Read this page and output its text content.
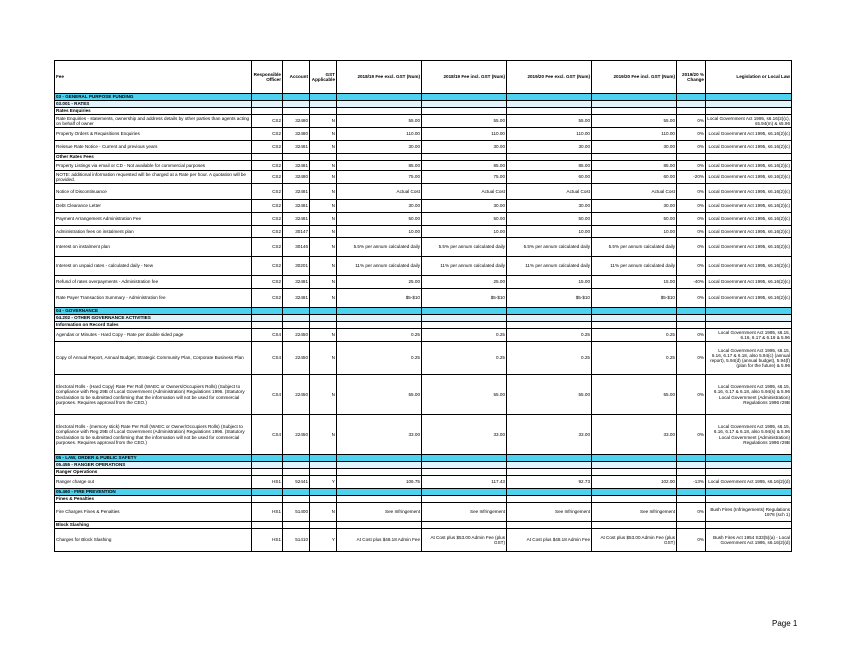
Fee	Responsible Officer	Account	GST Applicable	2018/19 Fee excl. GST (Num)	2018/19 Fee incl. GST (Num)	2019/20 Fee excl. GST (Num)	2019/20 Fee incl. GST (Num)	2019/20 % Change	Legislation or Local Law
03 - GENERAL PURPOSE FUNDING									
03.001 - RATES									
Rates Enquiries									
Rate Enquiries - statements, ownership and address details by other parties than agents acting on behalf of owner	CS2	32480	N	55.00	55.00	55.00	55.00	0%	Local Government Act 1995, s6.16(2)(c), s5.94(m) & s5.96
Property Orders & Requisitions Enquiries	CS2	32480	N	110.00	110.00	110.00	110.00	0%	Local Government Act 1995, s6.16(2)(c)
Reissue Rate Notice - Current and previous years	CS2	32481	N	30.00	30.00	30.00	30.00	0%	Local Government Act 1995, s6.16(2)(c)
Other Rates Fees									
Property Listings via email or CD - Not available for commercial purposes	CS2	32481	N	85.00	85.00	85.00	85.00	0%	Local Government Act 1995, s6.16(2)(c)
NOTE: additional information requested will be charged at a Rate per hour. A quotation will be provided.	CS2	32480	N	75.00	75.00	60.00	60.00	-20%	Local Government Act 1995, s6.16(2)(c)
Notice of Discontinuance	CS2	32481	N	Actual Cost	Actual Cost	Actual Cost	Actual Cost	0%	Local Government Act 1995, s6.16(2)(c)
Debt Clearance Letter	CS2	32481	N	30.00	30.00	30.00	30.00	0%	Local Government Act 1995, s6.16(2)(c)
Payment Arrangement Administration Fee	CS2	32481	N	50.00	50.00	50.00	50.00	0%	Local Government Act 1995, s6.16(2)(c)
Administration fees on instalment plan	CS2	30147	N	10.00	10.00	10.00	10.00	0%	Local Government Act 1995, s6.16(2)(c)
Interest on instalment plan	CS2	30146	N	5.5% per annum calculated daily	5.5% per annum calculated daily	5.5% per annum calculated daily	5.5% per annum calculated daily	0%	Local Government Act 1995, s6.16(2)(c)
Interest on unpaid rates - calculated daily - New	CS2	30201	N	11% per annum calculated daily	11% per annum calculated daily	11% per annum calculated daily	11% per annum calculated daily	0%	Local Government Act 1995, s6.16(2)(c)
Refund of rates overpayments - Administration fee	CS2	32481	N	25.00	25.00	15.00	15.00	-40%	Local Government Act 1995, s6.16(2)(c)
Rate Payer Transaction Summary - Administration fee	CS2	32481	N	$5-$10	$5-$10	$5-$10	$5-$10	0%	Local Government Act 1995, s6.16(2)(c)
04 - GOVERNANCE									
04.202 - OTHER GOVERNANCE ACTIVITIES									
Information on Record Sales									
Agendas or Minutes - Hard Copy - Rate per double sided page	CS4	22450	N	0.25	0.25	0.25	0.25	0%	Local Government Act 1995, s6.15, 6.16, 6.17 & 6.18 & 5.96
Copy of Annual Report, Annual Budget, Strategic Community Plan, Corporate Business Plan	CS4	22450	N	0.25	0.25	0.25	0.25	0%	Local Government Act 1995, s6.15, 6.16, 6.17 & 6.18, also 5.94(c) (annual report), 5.94(d) (annual budget), 5.94(f) (plan for the future) & 5.96
Electoral Rolls - (Hard Copy) Rate Per Roll (WAEC or Owners/Occupiers Rolls) (Subject to compliance with Reg 29B of Local Government (Administration) Regulations 1996. (Statutory Declaration to be submitted confirming that the information will not be used for commercial purposes. Requires approval from the CEO.)	CS4	22450	N	55.00	55.00	55.00	55.00	0%	Local Government Act 1995, s6.15, 6.16, 6.17 & 6.18, also 5.94(s) & 5.96 Local Government (Administration) Regulations 1996 r29B
Electoral Rolls - (memory stick) Rate Per Roll (WAEC or Owner/Occupiers Rolls) (Subject to compliance with Reg 29B of Local Government (Administration) Regulations 1996. (Statutory Declaration to be submitted confirming that the information will not be used for commercial purposes. Requires approval from the CEO.)	CS4	22450	N	33.00	33.00	33.00	33.00	0%	Local Government Act 1995, s6.15, 6.16, 6.17 & 6.18, also 5.94(s) & 5.96 Local Government (Administration) Regulations 1996 r29B
05 - LAW, ORDER & PUBLIC SAFETY									
05.455 - RANGER OPERATIONS									
Ranger Operations									
Ranger charge out	HS1	52441	Y	106.75	117.43	92.73	102.00	-13%	Local Government Act 1995, s6.16(2)(d)
05.460 - FIRE PREVENTION									
Fines & Penalties									
Fire Charges Fines & Penalties	HS1	51400	N	See Infringement	See Infringement	See Infringement	See Infringement	0%	Bush Fires (Infringements) Regulations 1978 (sch 1)
Block Slashing									
Charges for Block Slashing	HS1	51410	Y	At Cost plus $48.18 Admin Fee	At Cost plus $53.00 Admin Fee (plus GST)	At Cost plus $48.18 Admin Fee	At Cost plus $53.00 Admin Fee (plus GST)	0%	Bush Fires Act 1954 S33(5)(a) - Local Government Act 1995, s6.16(2)(d)
Page 1
